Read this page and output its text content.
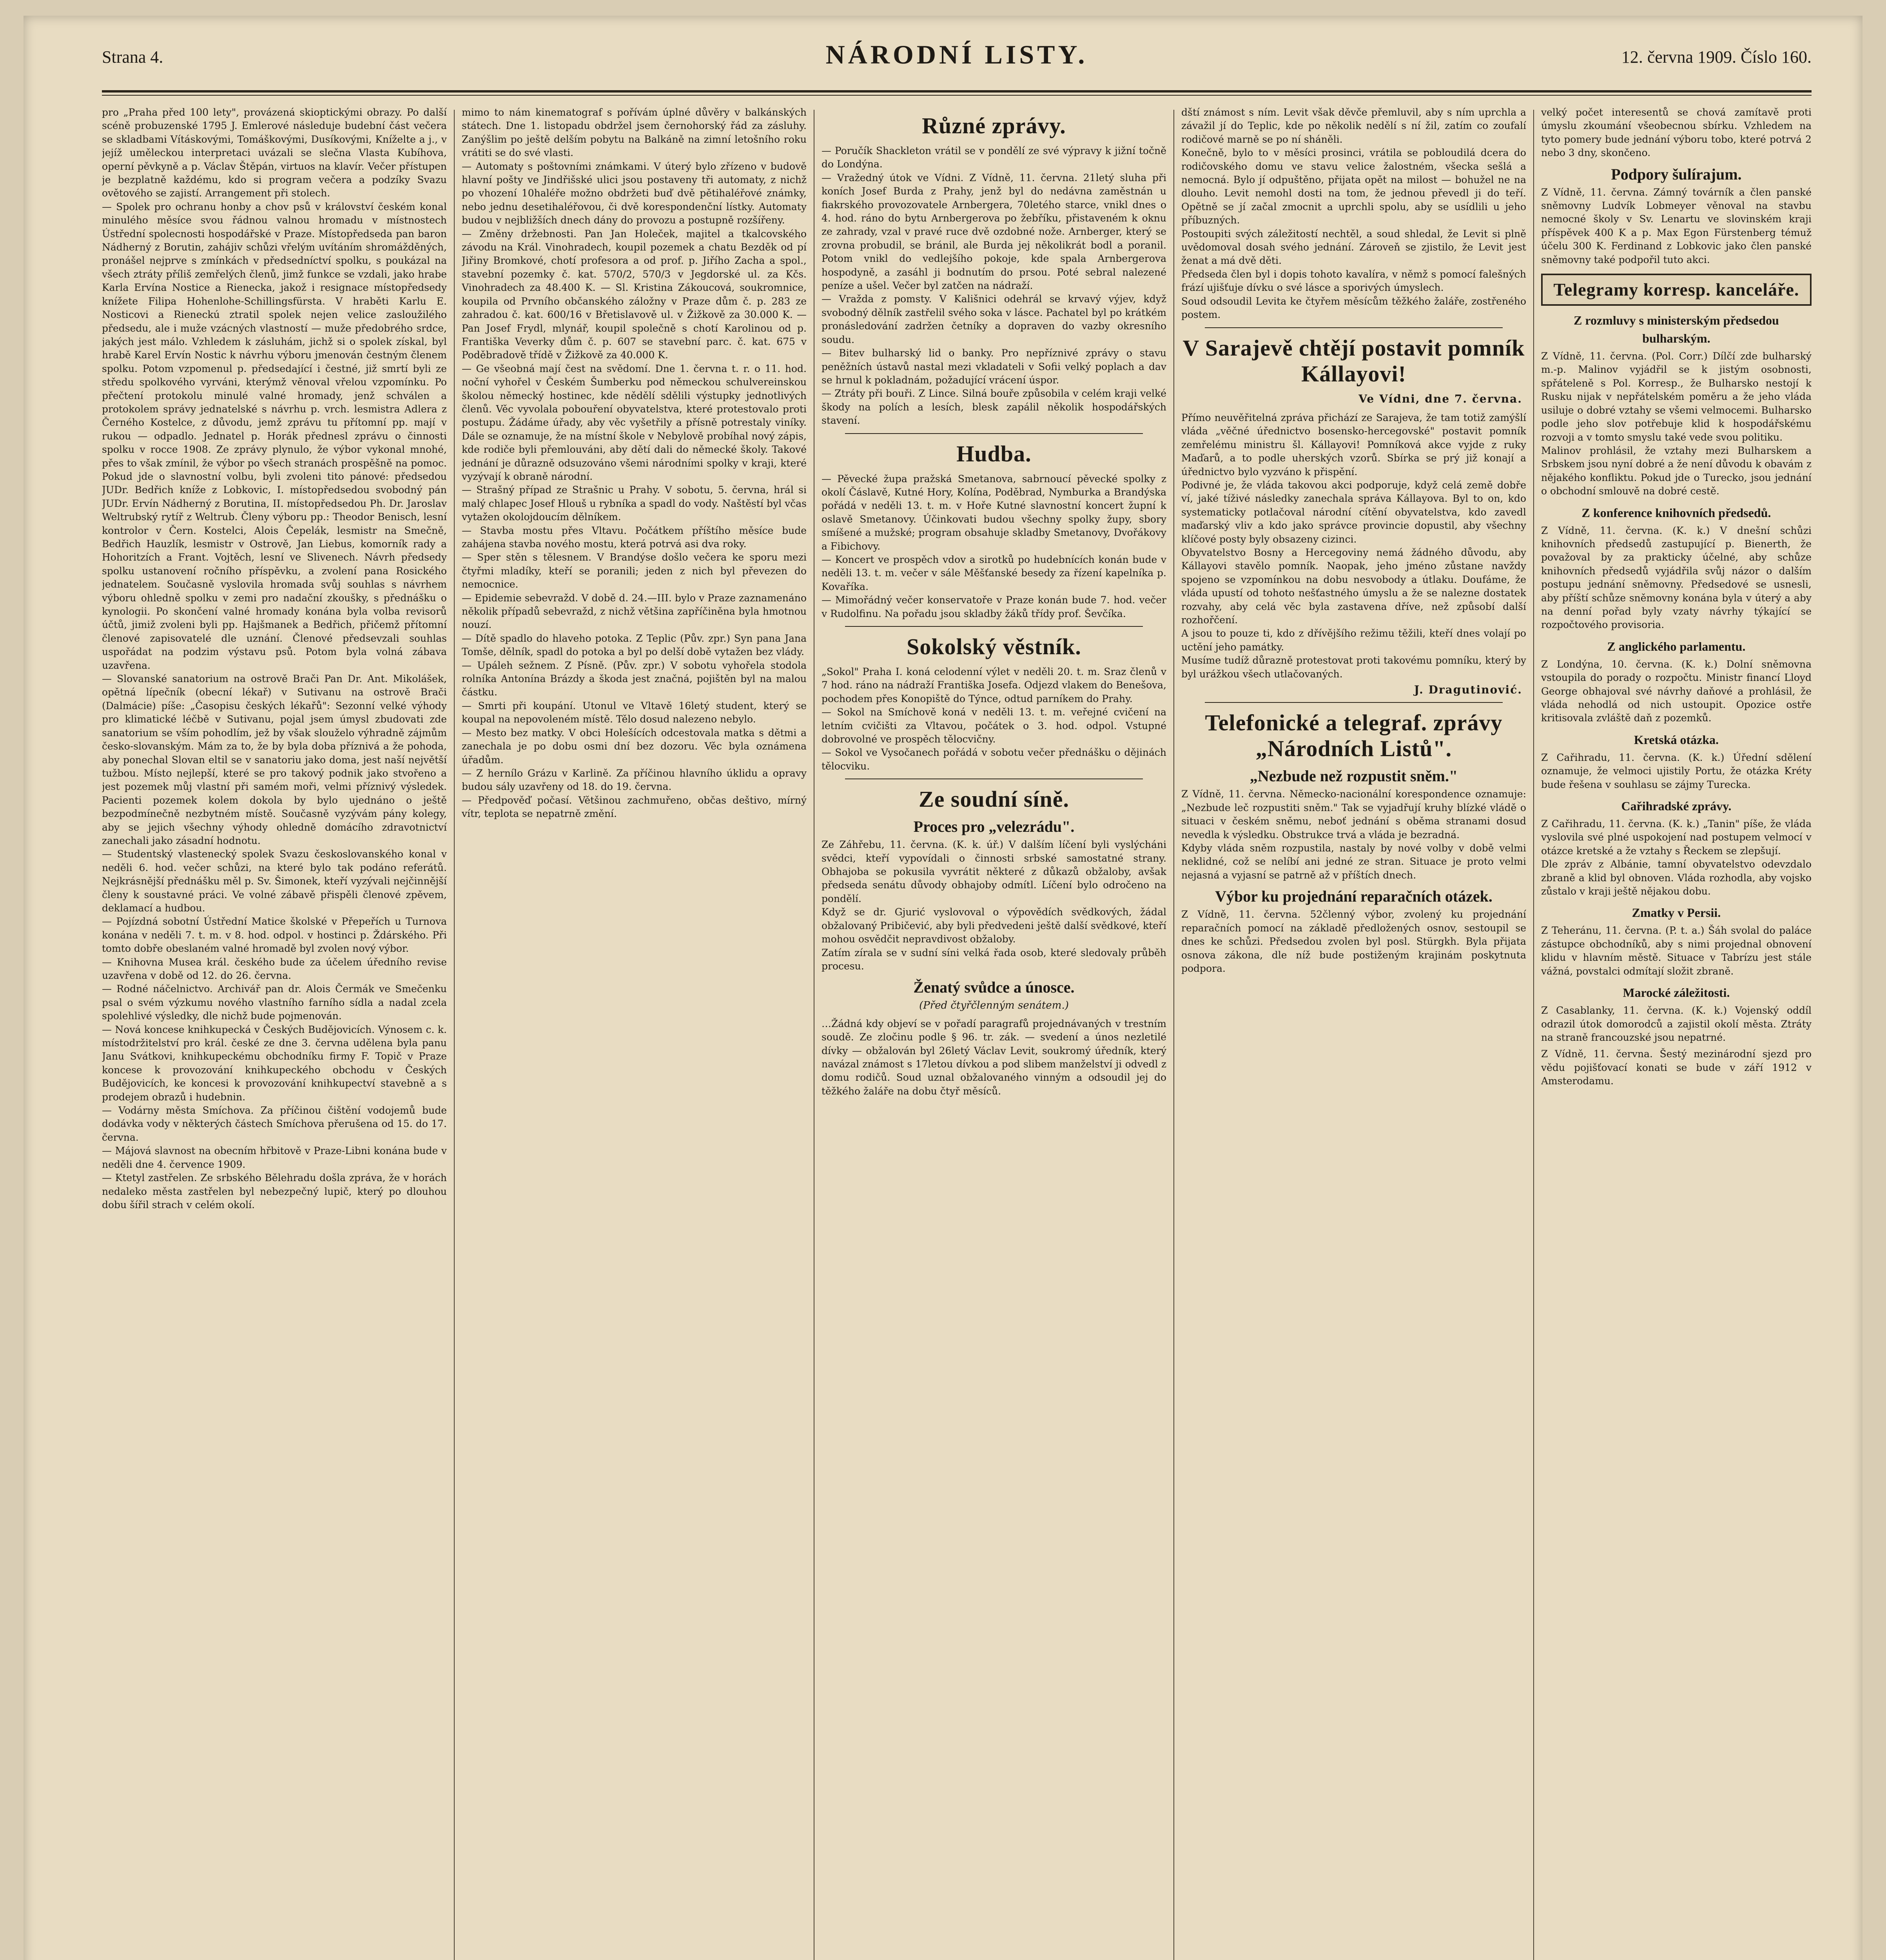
Strana 4.	NÁRODNÍ LISTY.	12. června 1909. Číslo 160.
pro „Praha před 100 lety", provázená skioptickými obrazy. Po další scéně probuzenské 1795 J. Emlerové následuje budební část večera se skladbami Vításkovými, Tomáškovými, Dusíkovými, Kníželte a j., v jejíž uměleckou interpretaci uvázali se slečna Vlasta Kubíhova, operní pěvkyně a p. Václav Štěpán, virtuos na klavír. Večer přístupen je bezplatně každému, kdo si program večera a podzíky Svazu ovětového se zajistí. Arrangement při stolech.
— Spolek pro ochranu honby a chov psů v království českém konal minulého měsíce svou řádnou valnou hromadu v místnostech Ústřední spolecnosti hospodářské v Praze. Místopředseda pan baron Nádherný z Borutin, zahájiv schůzi vřelým uvítáním shromážděných, pronášel nejprve s zmínkách v předsedníctví spolku, s poukázal na všech ztráty příliš zemřelých členů, jimž funkce se vzdali, jako hrabe Karla Ervína Nostice a Rienecka, jakož i resignace místopředsedy knížete Filipa Hohenlohe-Schillingsfürsta. V hraběti Karlu E. Nosticovi a Rieneckú ztratil spolek nejen velice zasloužilého předsedu, ale i muže vzácných vlastností — muže předobrého srdce, jakých jest málo. Vzhledem k zásluhám, jichž si o spolek získal, byl hrabě Karel Ervín Nostic k návrhu výboru jmenován čestným členem spolku. Potom vzpomenul p. předsedající i čestné, již smrtí byli ze středu spolkového vyrváni, kterýmž věnoval vřelou vzpomínku. Po přečtení protokolu minulé valné hromady, jenž schválen a protokolem správy jednatelské s návrhu p. vrch. lesmistra Adlera z Černého Kostelce, z důvodu, jemž zprávu tu přítomní pp. mají v rukou — odpadlo. Jednatel p. Horák přednesl zprávu o činnosti spolku v rocce 1908. Ze zprávy plynulo, že výbor vykonal mnohé, přes to však zmínil, že výbor po všech stranách prospěšně na pomoc. Pokud jde o slavnostní volbu, byli zvoleni tito pánové: předsedou JUDr. Bedřich kníže z Lobkovic, I. místopředsedou svobodný pán JUDr. Ervín Nádherný z Borutina, II. místopředsedou Ph. Dr. Jaroslav Weltrubský rytíř z Weltrub. Členy výboru pp.: Theodor Benisch, lesní kontrolor v Čern. Kostelci, Alois Čepelák, lesmistr na Smečně, Bedřich Hauzlík, lesmistr v Ostrově, Jan Liebus, komorník rady a Hohoritzích a Frant. Vojtěch, lesní ve Slivenech. Návrh předsedy spolku ustanovení ročního příspěvku, a zvolení pana Rosického jednatelem. Současně vyslovila hromada svůj souhlas s návrhem výboru ohledně spolku v zemi pro nadační zkoušky, s přednášku o kynologii. Po skončení valné hromady konána byla volba revisorů účtů, jimiž zvoleni byli pp. Hajšmanek a Bedřich, přičemž přítomní členové zapisovatelé dle uznání. Členové předsevzali souhlas uspořádat na podzim výstavu psů. Potom byla volná zábava uzavřena.
— Slovanské sanatorium na ostrově Brači Pan Dr. Ant. Mikolášek, opětná lípečník (obecní lékař) v Sutivanu na ostrově Brači (Dalmácie) píše: „Časopisu českých lékařů": Sezonní velké výhody pro klimatické léčbě v Sutivanu, pojal jsem úmysl zbudovati zde sanatorium se vším pohodlím, jež by však slouželo výhradně zájmům česko-slovanským. Mám za to, že by byla doba příznivá a že pohoda, aby ponechal Slovan eltil se v sanatoriu jako doma, jest naší největší tužbou. Místo nejlepší, které se pro takový podnik jako stvořeno a jest pozemek můj vlastní při samém moři, velmi příznivý výsledek. Pacienti pozemek kolem dokola by bylo ujednáno o ještě bezpodmínečně nezbytném místě. Současně vyzývám pány kolegy, aby se jejich všechny výhody ohledně domácího zdravotnictví zanechali jako zásadní hodnotu.
— Studentský vlastenecký spolek Svazu českoslovanského konal v neděli 6. hod. večer schůzi, na které bylo tak podáno referátů. Nejkrásnější přednášku měl p. Sv. Šimonek, kteří vyzývali nejčinnější členy k soustavné práci. Ve volné zábavě přispěli členové zpěvem, deklamací a hudbou.
— Pojízdná sobotní Ústřední Matice školské v Přepeřích u Turnova konána v neděli 7. t. m. v 8. hod. odpol. v hostinci p. Ždárského. Při tomto dobře obeslaném valné hromadě byl zvolen nový výbor.
— Knihovna Musea král. českého bude za účelem úředního revise uzavřena v době od 12. do 26. června.
— Rodné náčelnictvo. Archivář pan dr. Alois Čermák ve Smečenku psal o svém výzkumu nového vlastního farního sídla a nadal zcela spolehlivé výsledky, dle nichž bude pojmenován.
— Nová koncese knihkupecká v Českých Budějovicích. Výnosem c. k. místodržitelství pro král. české ze dne 3. června udělena byla panu Janu Svátkovi, knihkupeckému obchodníku firmy F. Topič v Praze koncese k provozování knihkupeckého obchodu v Českých Budějovicích, ke koncesi k provozování knihkupectví stavebně a s prodejem obrazů i hudebnin.
— Vodárny města Smíchova. Za příčinou čištění vodojemů bude dodávka vody v některých částech Smíchova přerušena od 15. do 17. června.
— Májová slavnost na obecním hřbitově v Praze-Libni konána bude v neděli dne 4. července 1909.
— Ktetyl zastřelen. Ze srbského Bělehradu došla zpráva, že v horách nedaleko města zastřelen byl nebezpečný lupič, který po dlouhou dobu šířil strach v celém okolí.
mimo to nám kinematograf s pořívám úplné důvěry v balkánských státech. Dne 1. listopadu obdržel jsem černohorský řád za zásluhy. Zanýšlim po ještě delším pobytu na Balkáně na zimní letošního roku vrátiti se do své vlasti.
— Automaty s poštovními známkami. V úterý bylo zřízeno v budově hlavní pošty ve Jindřišské ulici jsou postaveny tři automaty, z nichž po vhození 10haléře možno obdržeti buď dvě pětihaléřové známky, nebo jednu desetihaléřovou, či dvě korespondenční lístky. Automaty budou v nejbližších dnech dány do provozu a postupně rozšířeny.
— Změny držebnosti. Pan Jan Holeček, majitel a tkalcovského závodu na Král. Vinohradech, koupil pozemek a chatu Bezděk od pí Jiřiny Bromkové, chotí profesora a od prof. p. Jiřího Zacha a spol., stavební pozemky č. kat. 570/2, 570/3 v Jegdorské ul. za Kčs. Vinohradech za 48.400 K. — Sl. Kristina Zákoucová, soukromnice, koupila od Prvního občanského záložny v Praze dům č. p. 283 ze zahradou č. kat. 600/16 v Břetislavově ul. v Žižkově za 30.000 K. — Pan Josef Frydl, mlynář, koupil společně s chotí Karolinou od p. Františka Veverky dům č. p. 607 se stavební parc. č. kat. 675 v Poděbradově třídě v Žižkově za 40.000 K.
— Ge všeobná mají čest na svědomí. Dne 1. června t. r. o 11. hod. noční vyhořel v Českém Šumberku pod německou schulvereinskou školou německý hostinec, kde nědělí sdělili výstupky jednotlivých členů. Věc vyvolala pobouření obyvatelstva, které protestovalo proti postupu. Žádáme úřady, aby věc vyšetřily a přísně potrestaly viníky. Dále se oznamuje, že na místní škole v Nebylově probíhal nový zápis, kde rodiče byli přemlouváni, aby dětí dali do německé školy. Takové jednání je důrazně odsuzováno všemi národními spolky v kraji, které vyzývají k obraně národní.
— Strašný případ ze Strašnic u Prahy. V sobotu, 5. června, hrál si malý chlapec Josef Hlouš u rybníka a spadl do vody. Naštěstí byl včas vytažen okolojdoucím dělníkem.
— Stavba mostu přes Vltavu. Počátkem příštího měsíce bude zahájena stavba nového mostu, která potrvá asi dva roky.
— Sper stěn s tělesnem. V Brandýse došlo večera ke sporu mezi čtyřmi mladíky, kteří se poranili; jeden z nich byl převezen do nemocnice.
— Epidemie sebevražd. V době d. 24.—III. bylo v Praze zaznamenáno několik případů sebevražd, z nichž většina zapříčiněna byla hmotnou nouzí.
— Dítě spadlo do hlaveho potoka. Z Teplic (Pův. zpr.) Syn pana Jana Tomše, dělník, spadl do potoka a byl po delší době vytažen bez vlády.
— Upáleh sežnem. Z Písně. (Pův. zpr.) V sobotu vyhořela stodola rolníka Antonína Brázdy a škoda jest značná, pojištěn byl na malou částku.
— Smrti při koupání. Utonul ve Vltavě 16letý student, který se koupal na nepovoleném místě. Tělo dosud nalezeno nebylo.
— Mesto bez matky. V obci Holešících odcestovala matka s dětmi a zanechala je po dobu osmi dní bez dozoru. Věc byla oznámena úřadům.
— Z hernílo Grázu v Karlině. Za příčinou hlavního úklidu a opravy budou sály uzavřeny od 18. do 19. června.
— Předpověď počasí. Většinou zachmuřeno, občas deštivo, mírný vítr, teplota se nepatrně změní.
Různé zprávy.
— Poručík Shackleton vrátil se v pondělí ze své výpravy k jižní točně do Londýna.
— Vražedný útok ve Vídni. Z Vídně, 11. června. 21letý sluha při koních Josef Burda z Prahy, jenž byl do nedávna zaměstnán u fiakrského provozovatele Arnbergera, 70letého starce, vnikl dnes o 4. hod. ráno do bytu Arnbergerova po žebříku, přistaveném k oknu ze zahrady, vzal v pravé ruce dvě ozdobné nože. Arnberger, který se zrovna probudil, se bránil, ale Burda jej několikrát bodl a poranil. Potom vnikl do vedlejšího pokoje, kde spala Arnbergerova hospodyně, a zasáhl ji bodnutím do prsou. Poté sebral nalezené peníze a ušel. Večer byl zatčen na nádraží.
— Vražda z pomsty. V Kališnici odehrál se krvavý výjev, když svobodný dělník zastřelil svého soka v lásce. Pachatel byl po krátkém pronásledování zadržen četníky a dopraven do vazby okresního soudu.
— Bitev bulharský lid o banky. Pro nepříznivé zprávy o stavu peněžních ústavů nastal mezi vkladateli v Sofii velký poplach a dav se hrnul k pokladnám, požadující vrácení úspor.
— Ztráty při bouři. Z Lince. Silná bouře způsobila v celém kraji velké škody na polích a lesích, blesk zapálil několik hospodářských stavení.
Hudba.
— Pěvecké župa pražská Smetanova, sabrnoucí pěvecké spolky z okolí Čáslavě, Kutné Hory, Kolína, Poděbrad, Nymburka a Brandýska pořádá v neděli 13. t. m. v Hoře Kutné slavnostní koncert župní k oslavě Smetanovy. Účinkovati budou všechny spolky župy, sbory smíšené a mužské; program obsahuje skladby Smetanovy, Dvořákovy a Fibichovy.
— Koncert ve prospěch vdov a sirotků po hudebnících konán bude v neděli 13. t. m. večer v sále Měšťanské besedy za řízení kapelníka p. Kovaříka.
— Mimořádný večer konservatoře v Praze konán bude 7. hod. večer v Rudolfinu. Na pořadu jsou skladby žáků třídy prof. Ševčíka.
Sokolský věstník.
„Sokol" Praha I. koná celodenní výlet v neděli 20. t. m. Sraz členů v 7 hod. ráno na nádraží Františka Josefa. Odjezd vlakem do Benešova, pochodem přes Konopiště do Týnce, odtud parníkem do Prahy.
— Sokol na Smíchově koná v neděli 13. t. m. veřejné cvičení na letním cvičišti za Vltavou, počátek o 3. hod. odpol. Vstupné dobrovolné ve prospěch tělocvičny.
— Sokol ve Vysočanech pořádá v sobotu večer přednášku o dějinách tělocviku.
Ze soudní síně.
Proces pro „velezrádu".
Ze Záhřebu, 11. června. (K. k. úř.) V dalším líčení byli vyslýcháni svědci, kteří vypovídali o činnosti srbské samostatné strany. Obhajoba se pokusila vyvrátit některé z důkazů obžaloby, avšak předseda senátu důvody obhajoby odmítl. Líčení bylo odročeno na pondělí.
Když se dr. Gjurić vyslovoval o výpovědích svědkových, žádal obžalovaný Pribičević, aby byli předvedeni ještě další svědkové, kteří mohou osvědčit nepravdivost obžaloby.
Zatím zírala se v sudní síni velká řada osob, které sledovaly průběh procesu.
Ženatý svůdce a únosce.
(Před čtyřčlenným senátem.)
…Žádná kdy objeví se v pořadí paragrafů projednávaných v trestním soudě. Ze zločinu podle § 96. tr. zák. — svedení a únos nezletilé dívky — obžalován byl 26letý Václav Levit, soukromý úředník, který navázal známost s 17letou dívkou a pod slibem manželství ji odvedl z domu rodičů. Soud uznal obžalovaného vinným a odsoudil jej do těžkého žaláře na dobu čtyř měsíců.
dští známost s ním. Levit však děvče přemluvil, aby s ním uprchla a závažil jí do Teplic, kde po několik nedělí s ní žil, zatím co zoufalí rodičové marně se po ní sháněli.
Konečně, bylo to v měsíci prosinci, vrátila se pobloudilá dcera do rodičovského domu ve stavu velice žalostném, všecka sešlá a nemocná. Bylo jí odpuštěno, přijata opět na milost — bohužel ne na dlouho. Levit nemohl dosti na tom, že jednou převedl ji do teří. Opětně se jí začal zmocnit a uprchli spolu, aby se usídlili u jeho příbuzných.
Postoupiti svých záležitostí nechtěl, a soud shledal, že Levit si plně uvědomoval dosah svého jednání. Zároveň se zjistilo, že Levit jest ženat a má dvě děti.
Předseda člen byl i dopis tohoto kavalíra, v němž s pomocí falešných frází ujišťuje dívku o své lásce a sporivých úmyslech.
Soud odsoudil Levita ke čtyřem měsícům těžkého žaláře, zostřeného postem.
V Sarajevě chtějí postavit pomník Kállayovi!
Ve Vídni, dne 7. června.
Přímo neuvěřitelná zpráva přichází ze Sarajeva, že tam totiž zamýšlí vláda „věčné úřednictvo bosensko-hercegovské" postavit pomník zemřelému ministru šl. Kállayovi! Pomníková akce vyjde z ruky Maďarů, a to podle uherských vzorů. Sbírka se prý již konají a úřednictvo bylo vyzváno k přispění.
Podivné je, že vláda takovou akci podporuje, když celá země dobře ví, jaké tíživé následky zanechala správa Kállayova. Byl to on, kdo systematicky potlačoval národní cítění obyvatelstva, kdo zavedl maďarský vliv a kdo jako správce provincie dopustil, aby všechny klíčové posty byly obsazeny cizinci.
Obyvatelstvo Bosny a Hercegoviny nemá žádného důvodu, aby Kállayovi stavělo pomník. Naopak, jeho jméno zůstane navždy spojeno se vzpomínkou na dobu nesvobody a útlaku. Doufáme, že vláda upustí od tohoto nešťastného úmyslu a že se nalezne dostatek rozvahy, aby celá věc byla zastavena dříve, než způsobí další rozhořčení.
A jsou to pouze ti, kdo z dřívějšího režimu těžili, kteří dnes volají po uctění jeho památky.
Musíme tudíž důrazně protestovat proti takovému pomníku, který by byl urážkou všech utlačovaných.
J. Dragutinović.
Telefonické a telegraf. zprávy „Národních Listů".
„Nezbude než rozpustit sněm."
Z Vídně, 11. června. Německo-nacionální korespondence oznamuje: „Nezbude leč rozpustiti sněm." Tak se vyjadřují kruhy blízké vládě o situaci v českém sněmu, neboť jednání s oběma stranami dosud nevedla k výsledku. Obstrukce trvá a vláda je bezradná.
Kdyby vláda sněm rozpustila, nastaly by nové volby v době velmi neklidné, což se nelíbí ani jedné ze stran. Situace je proto velmi nejasná a vyjasní se patrně až v příštích dnech.
Výbor ku projednání reparačních otázek.
Z Vídně, 11. června. 52členný výbor, zvolený ku projednání reparačních pomocí na základě předložených osnov, sestoupil se dnes ke schůzi. Předsedou zvolen byl posl. Stürgkh. Byla přijata osnova zákona, dle níž bude postiženým krajinám poskytnuta podpora.
velký počet interesentů se chová zamítavě proti úmyslu zkoumání všeobecnou sbírku. Vzhledem na tyto pomery bude jednání výboru tobo, které potrvá 2 nebo 3 dny, skončeno.
Podpory šulírajum.
Z Vídně, 11. června. Zámný továrník a člen panské sněmovny Ludvík Lobmeyer věnoval na stavbu nemocné školy v Sv. Lenartu ve slovinském kraji příspěvek 400 K a p. Max Egon Fürstenberg témuž účelu 300 K. Ferdinand z Lobkovic jako člen panské sněmovny také podpořil tuto akci.
Telegramy korresp. kanceláře.
Z rozmluvy s ministerským předsedou bulharským.
Z Vídně, 11. června. (Pol. Corr.) Dílčí zde bulharský m.-p. Malinov vyjádřil se k jistým osobnosti, spřáteleně s Pol. Korresp., že Bulharsko nestojí k Rusku nijak v nepřátelském poměru a že jeho vláda usiluje o dobré vztahy se všemi velmocemi. Bulharsko podle jeho slov potřebuje klid k hospodářskému rozvoji a v tomto smyslu také vede svou politiku.
Malinov prohlásil, že vztahy mezi Bulharskem a Srbskem jsou nyní dobré a že není důvodu k obavám z nějakého konfliktu. Pokud jde o Turecko, jsou jednání o obchodní smlouvě na dobré cestě.
Z konference knihovních předsedů.
Z Vídně, 11. června. (K. k.) V dnešní schůzi knihovních předsedů zastupující p. Bienerth, že považoval by za prakticky účelné, aby schůze knihovních předsedů vyjádřila svůj názor o dalším postupu jednání sněmovny. Předsedové se usnesli, aby příští schůze sněmovny konána byla v úterý a aby na denní pořad byly vzaty návrhy týkající se rozpočtového provisoria.
Z anglického parlamentu.
Z Londýna, 10. června. (K. k.) Dolní sněmovna vstoupila do porady o rozpočtu. Ministr financí Lloyd George obhajoval své návrhy daňové a prohlásil, že vláda nehodlá od nich ustoupit. Opozice ostře kritisovala zvláště daň z pozemků.
Kretská otázka.
Z Cařihradu, 11. června. (K. k.) Úřední sdělení oznamuje, že velmoci ujistily Portu, že otázka Kréty bude řešena v souhlasu se zájmy Turecka.
Cařihradské zprávy.
Z Cařihradu, 11. června. (K. k.) „Tanin" píše, že vláda vyslovila své plné uspokojení nad postupem velmocí v otázce kretské a že vztahy s Řeckem se zlepšují.
Dle zpráv z Albánie, tamní obyvatelstvo odevzdalo zbraně a klid byl obnoven. Vláda rozhodla, aby vojsko zůstalo v kraji ještě nějakou dobu.
Zmatky v Persii.
Z Teheránu, 11. června. (P. t. a.) Šáh svolal do paláce zástupce obchodníků, aby s nimi projednal obnovení klidu v hlavním městě. Situace v Tabrízu jest stále vážná, povstalci odmítají složit zbraně.
Marocké záležitosti.
Z Casablanky, 11. června. (K. k.) Vojenský oddíl odrazil útok domorodců a zajistil okolí města. Ztráty na straně francouzské jsou nepatrné.
Z Vídně, 11. června. Šestý mezinárodní sjezd pro vědu pojišťovací konati se bude v září 1912 v Amsterodamu.
